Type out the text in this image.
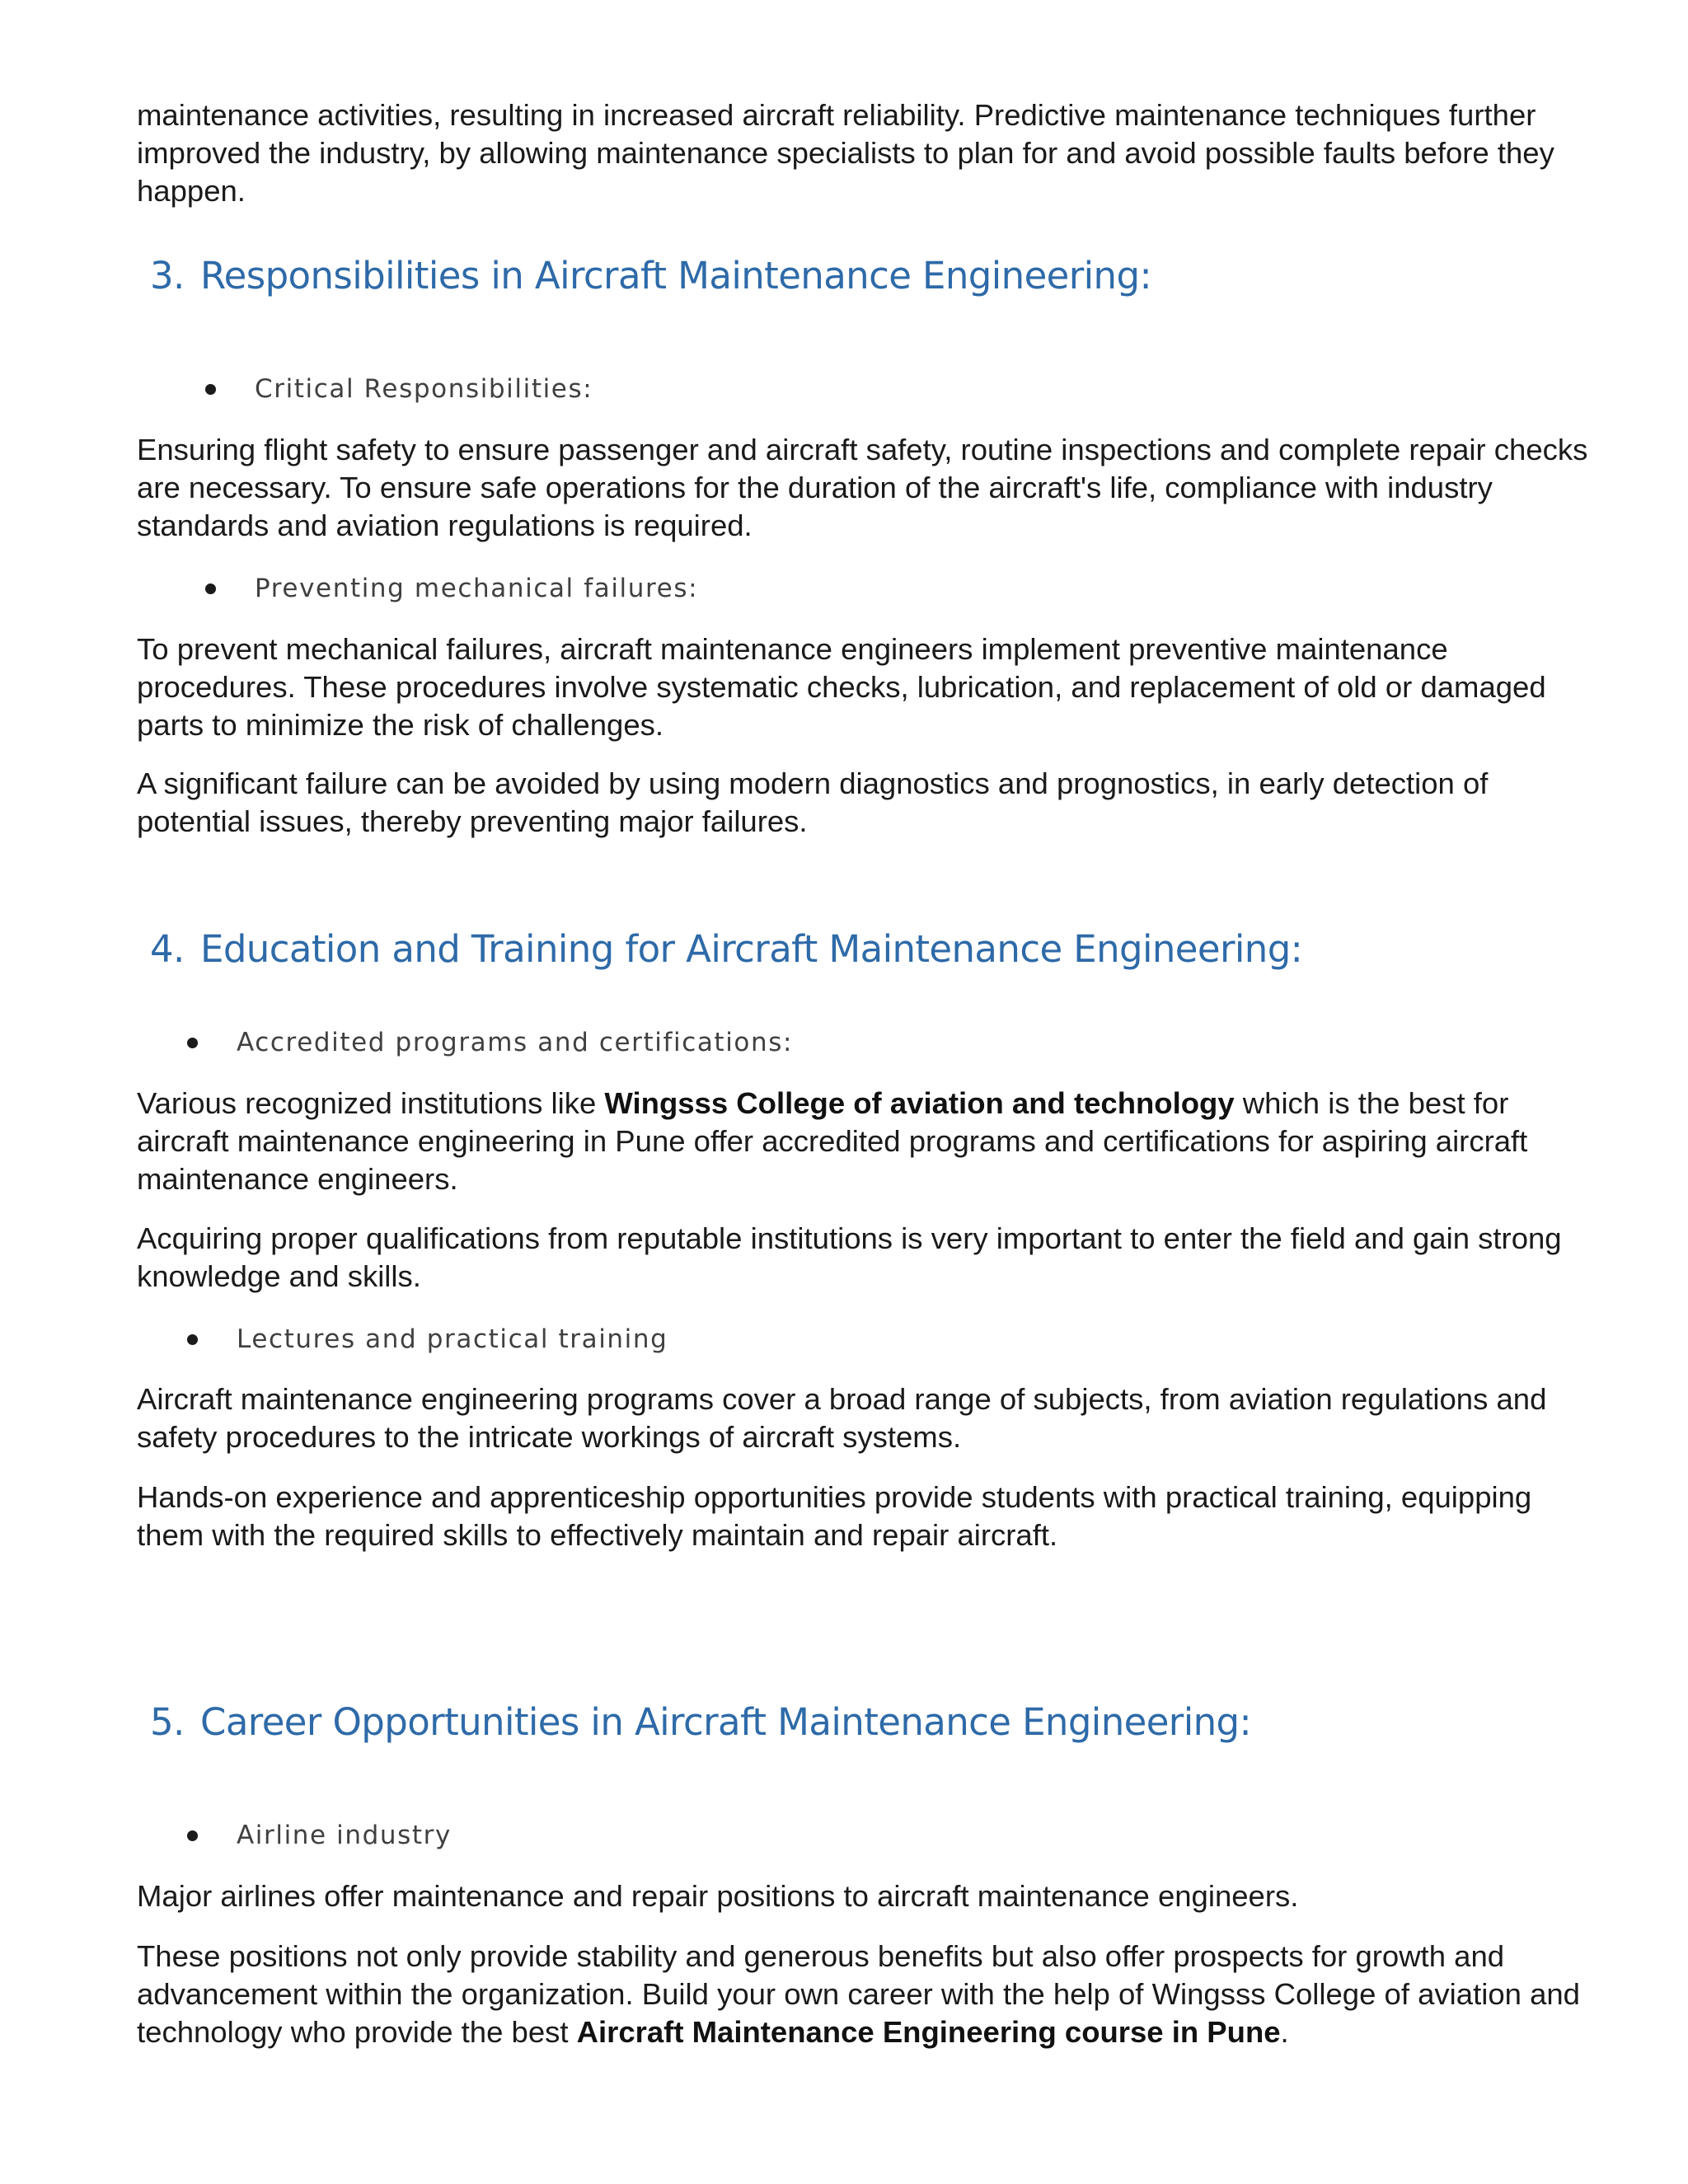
maintenance activities, resulting in increased aircraft reliability. Predictive maintenance techniques further improved the industry, by allowing maintenance specialists to plan for and avoid possible faults before they happen.

3. Responsibilities in Aircraft Maintenance Engineering:
Critical Responsibilities:

Ensuring flight safety to ensure passenger and aircraft safety, routine inspections and complete repair checks are necessary. To ensure safe operations for the duration of the aircraft's life, compliance with industry standards and aviation regulations is required.

Preventing mechanical failures:

To prevent mechanical failures, aircraft maintenance engineers implement preventive maintenance procedures. These procedures involve systematic checks, lubrication, and replacement of old or damaged parts to minimize the risk of challenges.

A significant failure can be avoided by using modern diagnostics and prognostics, in early detection of potential issues, thereby preventing major failures.

4. Education and Training for Aircraft Maintenance Engineering:
Accredited programs and certifications:

Various recognized institutions like Wingsss College of aviation and technology which is the best for aircraft maintenance engineering in Pune offer accredited programs and certifications for aspiring aircraft maintenance engineers.

Acquiring proper qualifications from reputable institutions is very important to enter the field and gain strong knowledge and skills.

Lectures and practical training

Aircraft maintenance engineering programs cover a broad range of subjects, from aviation regulations and safety procedures to the intricate workings of aircraft systems.

Hands-on experience and apprenticeship opportunities provide students with practical training, equipping them with the required skills to effectively maintain and repair aircraft.

5. Career Opportunities in Aircraft Maintenance Engineering:
Airline industry

Major airlines offer maintenance and repair positions to aircraft maintenance engineers.

These positions not only provide stability and generous benefits but also offer prospects for growth and advancement within the organization. Build your own career with the help of Wingsss College of aviation and technology who provide the best Aircraft Maintenance Engineering course in Pune.
